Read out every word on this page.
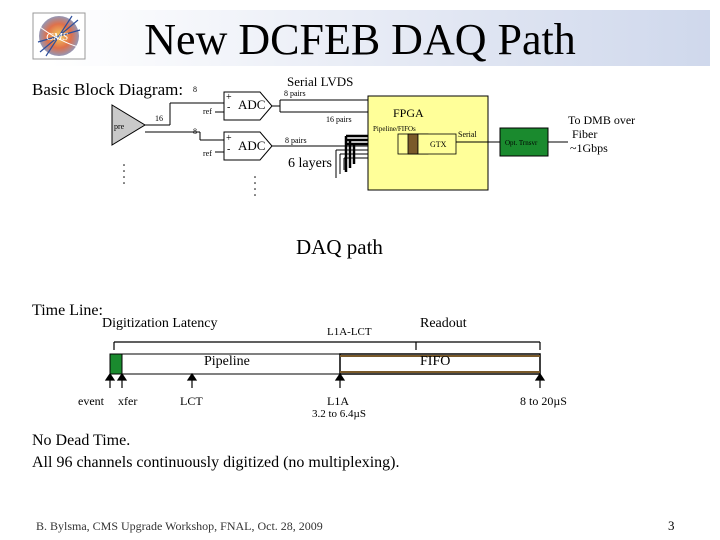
CMS	New DCFEB DAQ Path
Basic Block Diagram:	Serial LVDS
8 pairs
8
ref
16
pre
8
ref
+
- ADC
+
- ADC
16 pairs
8 pairs
FPGA
Pipeline/FIFOs
GTX
Serial
Opt. Trnsvr
6 layers
To DMB over
Fiber
~1Gbps
DAQ path
Time Line:
Digitization Latency
L1A-LCT
Readout
Pipeline	FIFO
event xfer	LCT	L1A
3.2 to 6.4µS
8 to 20µS
No Dead Time.
All 96 channels continuously digitized (no multiplexing).
B. Bylsma, CMS Upgrade Workshop, FNAL, Oct. 28, 2009	3
